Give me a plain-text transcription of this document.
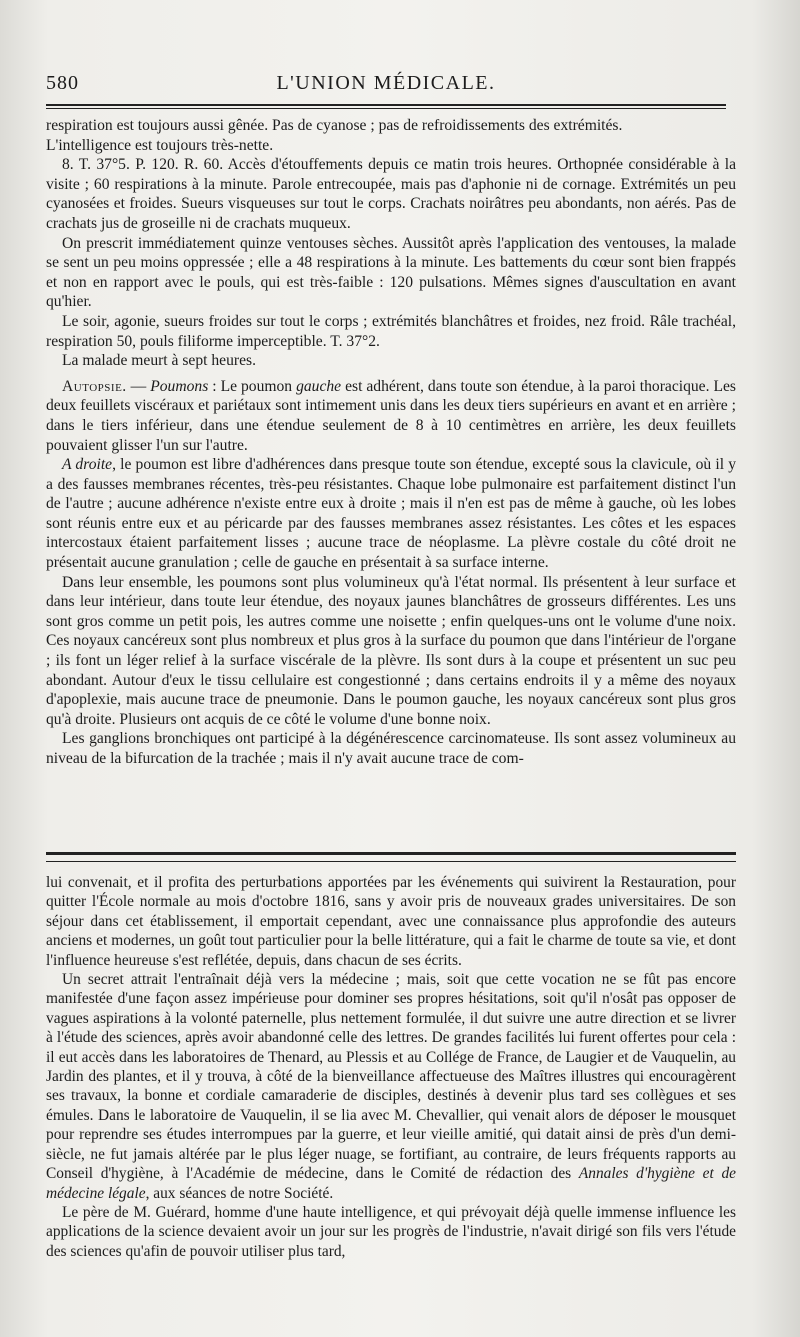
580	L'UNION MÉDICALE.

respiration est toujours aussi gênée. Pas de cyanose ; pas de refroidissements des extrémités.

L'intelligence est toujours très-nette.

8. T. 37°5. P. 120. R. 60. Accès d'étouffements depuis ce matin trois heures. Orthopnée considérable à la visite ; 60 respirations à la minute. Parole entrecoupée, mais pas d'aphonie ni de cornage. Extrémités un peu cyanosées et froides. Sueurs visqueuses sur tout le corps. Crachats noirâtres peu abondants, non aérés. Pas de crachats jus de groseille ni de crachats muqueux.

On prescrit immédiatement quinze ventouses sèches. Aussitôt après l'application des ventouses, la malade se sent un peu moins oppressée ; elle a 48 respirations à la minute. Les battements du cœur sont bien frappés et non en rapport avec le pouls, qui est très-faible : 120 pulsations. Mêmes signes d'auscultation en avant qu'hier.

Le soir, agonie, sueurs froides sur tout le corps ; extrémités blanchâtres et froides, nez froid. Râle trachéal, respiration 50, pouls filiforme imperceptible. T. 37°2.

La malade meurt à sept heures.

Autopsie. — Poumons : Le poumon gauche est adhérent, dans toute son étendue, à la paroi thoracique. Les deux feuillets viscéraux et pariétaux sont intimement unis dans les deux tiers supérieurs en avant et en arrière ; dans le tiers inférieur, dans une étendue seulement de 8 à 10 centimètres en arrière, les deux feuillets pouvaient glisser l'un sur l'autre.

A droite, le poumon est libre d'adhérences dans presque toute son étendue, excepté sous la clavicule, où il y a des fausses membranes récentes, très-peu résistantes. Chaque lobe pulmonaire est parfaitement distinct l'un de l'autre ; aucune adhérence n'existe entre eux à droite ; mais il n'en est pas de même à gauche, où les lobes sont réunis entre eux et au péricarde par des fausses membranes assez résistantes. Les côtes et les espaces intercostaux étaient parfaitement lisses ; aucune trace de néoplasme. La plèvre costale du côté droit ne présentait aucune granulation ; celle de gauche en présentait à sa surface interne.

Dans leur ensemble, les poumons sont plus volumineux qu'à l'état normal. Ils présentent à leur surface et dans leur intérieur, dans toute leur étendue, des noyaux jaunes blanchâtres de grosseurs différentes. Les uns sont gros comme un petit pois, les autres comme une noisette ; enfin quelques-uns ont le volume d'une noix. Ces noyaux cancéreux sont plus nombreux et plus gros à la surface du poumon que dans l'intérieur de l'organe ; ils font un léger relief à la surface viscérale de la plèvre. Ils sont durs à la coupe et présentent un suc peu abondant. Autour d'eux le tissu cellulaire est congestionné ; dans certains endroits il y a même des noyaux d'apoplexie, mais aucune trace de pneumonie. Dans le poumon gauche, les noyaux cancéreux sont plus gros qu'à droite. Plusieurs ont acquis de ce côté le volume d'une bonne noix.

Les ganglions bronchiques ont participé à la dégénérescence carcinomateuse. Ils sont assez volumineux au niveau de la bifurcation de la trachée ; mais il n'y avait aucune trace de com-

lui convenait, et il profita des perturbations apportées par les événements qui suivirent la Restauration, pour quitter l'École normale au mois d'octobre 1816, sans y avoir pris de nouveaux grades universitaires. De son séjour dans cet établissement, il emportait cependant, avec une connaissance plus approfondie des auteurs anciens et modernes, un goût tout particulier pour la belle littérature, qui a fait le charme de toute sa vie, et dont l'influence heureuse s'est reflétée, depuis, dans chacun de ses écrits.

Un secret attrait l'entraînait déjà vers la médecine ; mais, soit que cette vocation ne se fût pas encore manifestée d'une façon assez impérieuse pour dominer ses propres hésitations, soit qu'il n'osât pas opposer de vagues aspirations à la volonté paternelle, plus nettement formulée, il dut suivre une autre direction et se livrer à l'étude des sciences, après avoir abandonné celle des lettres. De grandes facilités lui furent offertes pour cela : il eut accès dans les laboratoires de Thenard, au Plessis et au Collége de France, de Laugier et de Vauquelin, au Jardin des plantes, et il y trouva, à côté de la bienveillance affectueuse des Maîtres illustres qui encouragèrent ses travaux, la bonne et cordiale camaraderie de disciples, destinés à devenir plus tard ses collègues et ses émules. Dans le laboratoire de Vauquelin, il se lia avec M. Chevallier, qui venait alors de déposer le mousquet pour reprendre ses études interrompues par la guerre, et leur vieille amitié, qui datait ainsi de près d'un demi-siècle, ne fut jamais altérée par le plus léger nuage, se fortifiant, au contraire, de leurs fréquents rapports au Conseil d'hygiène, à l'Académie de médecine, dans le Comité de rédaction des Annales d'hygiène et de médecine légale, aux séances de notre Société.

Le père de M. Guérard, homme d'une haute intelligence, et qui prévoyait déjà quelle immense influence les applications de la science devaient avoir un jour sur les progrès de l'industrie, n'avait dirigé son fils vers l'étude des sciences qu'afin de pouvoir utiliser plus tard,
